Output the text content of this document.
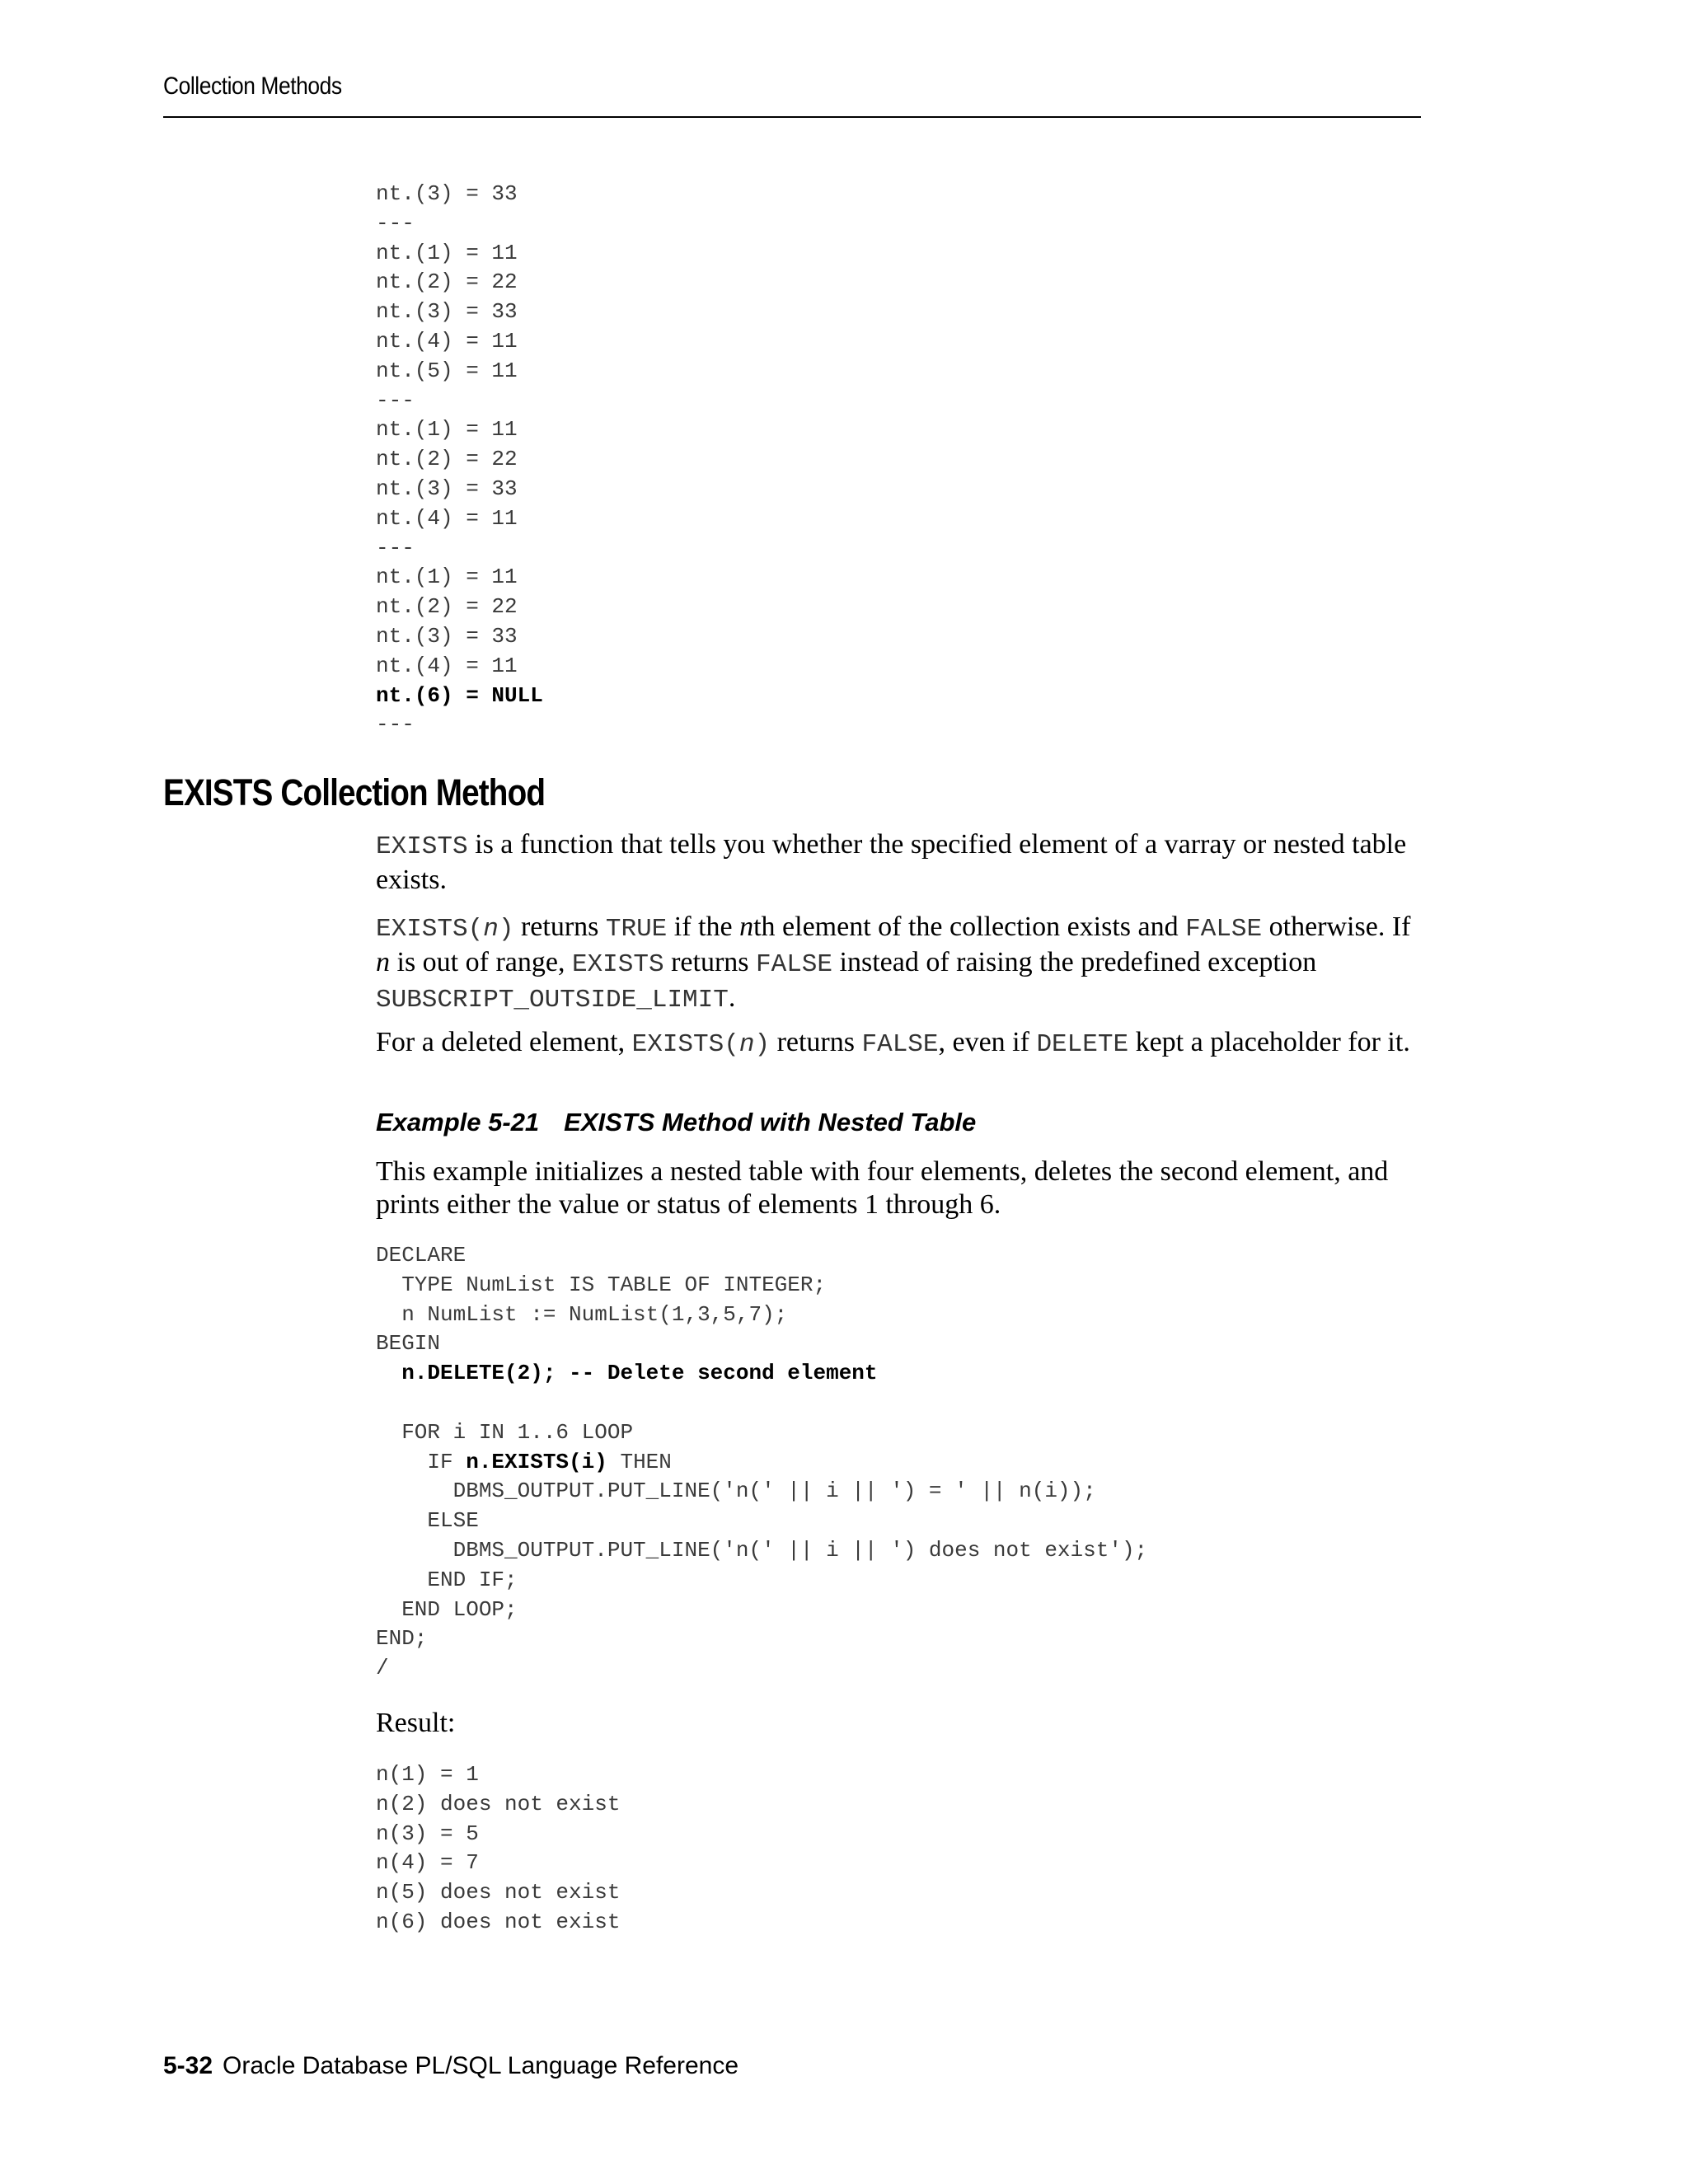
Collection Methods
nt.(3) = 33
---
nt.(1) = 11
nt.(2) = 22
nt.(3) = 33
nt.(4) = 11
nt.(5) = 11
---
nt.(1) = 11
nt.(2) = 22
nt.(3) = 33
nt.(4) = 11
---
nt.(1) = 11
nt.(2) = 22
nt.(3) = 33
nt.(4) = 11
nt.(6) = NULL
---
EXISTS Collection Method

EXISTS is a function that tells you whether the specified element of a varray or nested table exists.

EXISTS(n) returns TRUE if the nth element of the collection exists and FALSE otherwise. If n is out of range, EXISTS returns FALSE instead of raising the predefined exception SUBSCRIPT_OUTSIDE_LIMIT.

For a deleted element, EXISTS(n) returns FALSE, even if DELETE kept a placeholder for it.

Example 5-21 EXISTS Method with Nested Table

This example initializes a nested table with four elements, deletes the second element, and prints either the value or status of elements 1 through 6.

DECLARE
TYPE NumList IS TABLE OF INTEGER;
n NumList := NumList(1,3,5,7);
BEGIN
n.DELETE(2); -- Delete second element
FOR i IN 1..6 LOOP
IF n.EXISTS(i) THEN
DBMS_OUTPUT.PUT_LINE('n(' || i || ') = ' || n(i));
ELSE
DBMS_OUTPUT.PUT_LINE('n(' || i || ') does not exist');
END IF;
END LOOP;
END;
/

Result:

n(1) = 1
n(2) does not exist
n(3) = 5
n(4) = 7
n(5) does not exist
n(6) does not exist
5-32 Oracle Database PL/SQL Language Reference
